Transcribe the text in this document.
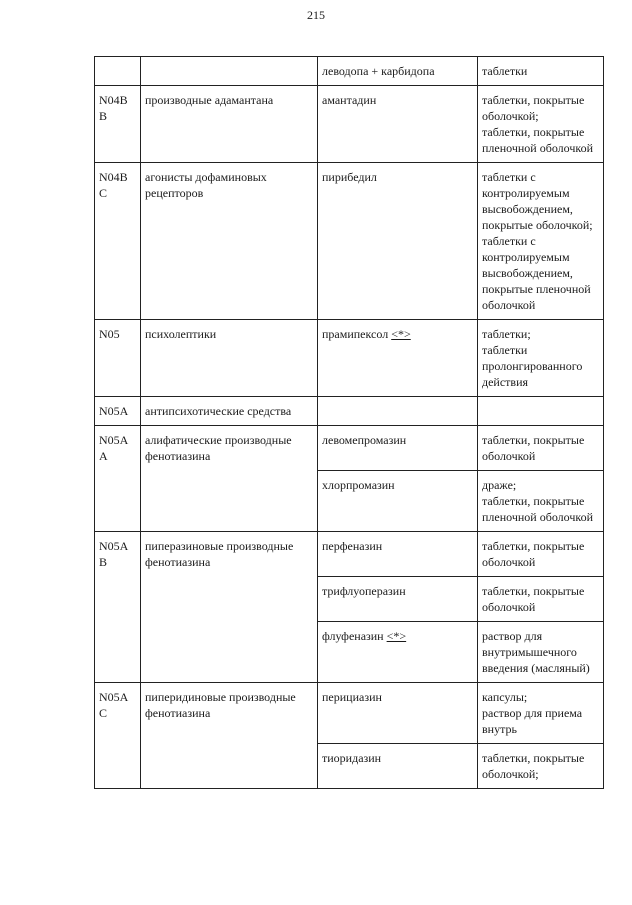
215
		леводопа + карбидопа	таблетки

N04B B	производные адамантана	амантадин	таблетки, покрытые оболочкой;
таблетки, покрытые пленочной оболочкой

N04B C	агонисты дофаминовых рецепторов	пирибедил	таблетки с контролируемым высвобождением, покрытые оболочкой; таблетки с контролируемым высвобождением, покрытые пленочной оболочкой

N05	психолептики	прамипексол <*>	таблетки;
таблетки пролонгированного действия

N05A	антипсихотические средства		
N05A A	алифатические производные фенотиазина	левомепромазин	таблетки, покрытые оболочкой

		хлорпромазин	драже;
таблетки, покрытые пленочной оболочкой

N05A B	пиперазиновые производные фенотиазина	перфеназин	таблетки, покрытые оболочкой

		трифлуоперазин	таблетки, покрытые оболочкой

		флуфеназин <*>	раствор для внутримышечного введения (масляный)

N05A C	пиперидиновые производные фенотиазина	перициазин	капсулы;
раствор для приема внутрь

		тиоридазин	таблетки, покрытые оболочкой;
